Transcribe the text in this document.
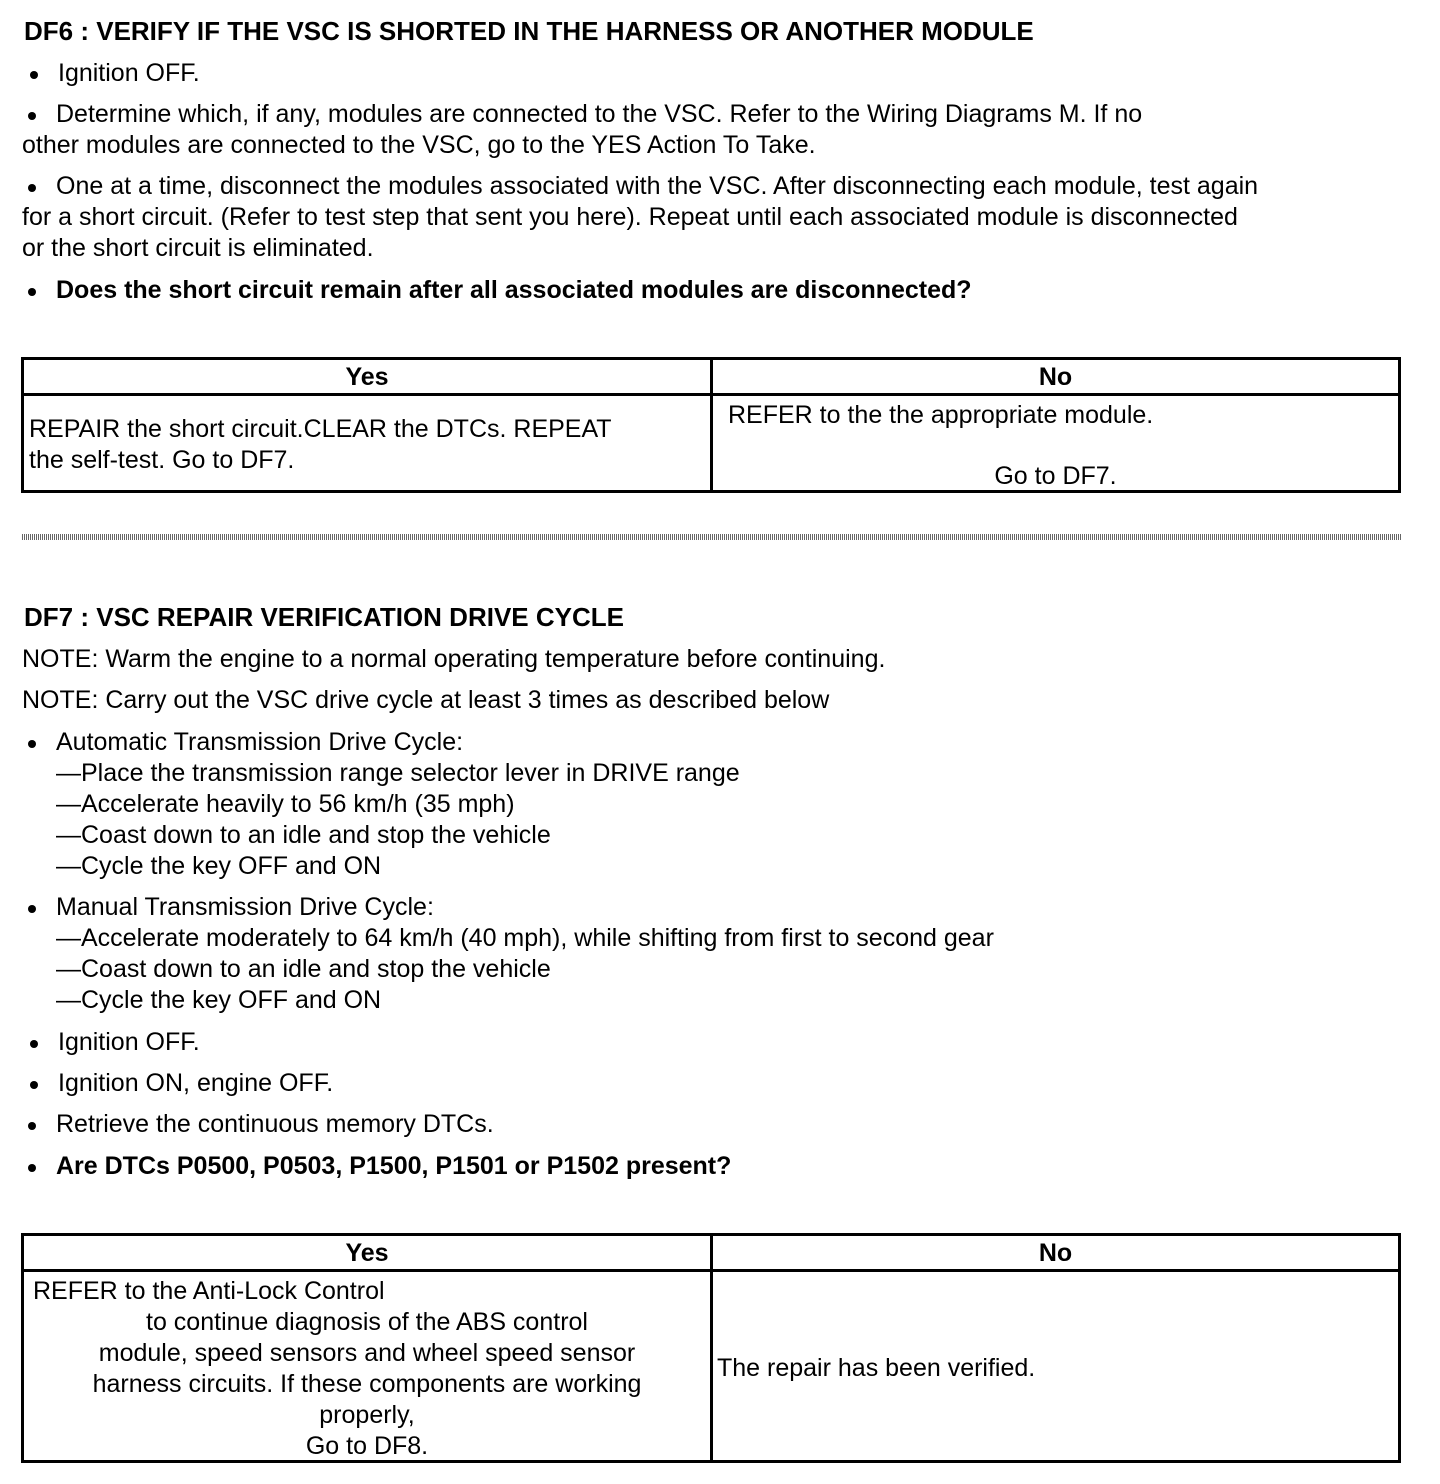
DF6 : VERIFY IF THE VSC IS SHORTED IN THE HARNESS OR ANOTHER MODULE
Ignition OFF.
Determine which, if any, modules are connected to the VSC. Refer to the Wiring Diagrams M. If no
other modules are connected to the VSC, go to the YES Action To Take.
One at a time, disconnect the modules associated with the VSC. After disconnecting each module, test again
for a short circuit. (Refer to test step that sent you here). Repeat until each associated module is disconnected
or the short circuit is eliminated.
Does the short circuit remain after all associated modules are disconnected?
Yes	No
REPAIR the short circuit.CLEAR the DTCs. REPEAT
the self-test. Go to DF7.
REFER to the the appropriate module.
Go to DF7.
DF7 : VSC REPAIR VERIFICATION DRIVE CYCLE
NOTE: Warm the engine to a normal operating temperature before continuing.
NOTE: Carry out the VSC drive cycle at least 3 times as described below
Automatic Transmission Drive Cycle:
—Place the transmission range selector lever in DRIVE range
—Accelerate heavily to 56 km/h (35 mph)
—Coast down to an idle and stop the vehicle
—Cycle the key OFF and ON
Manual Transmission Drive Cycle:
—Accelerate moderately to 64 km/h (40 mph), while shifting from first to second gear
—Coast down to an idle and stop the vehicle
—Cycle the key OFF and ON
Ignition OFF.
Ignition ON, engine OFF.
Retrieve the continuous memory DTCs.
Are DTCs P0500, P0503, P1500, P1501 or P1502 present?
Yes	No
REFER to the Anti-Lock Control
to continue diagnosis of the ABS control
module, speed sensors and wheel speed sensor
harness circuits. If these components are working
properly,
Go to DF8.
The repair has been verified.
